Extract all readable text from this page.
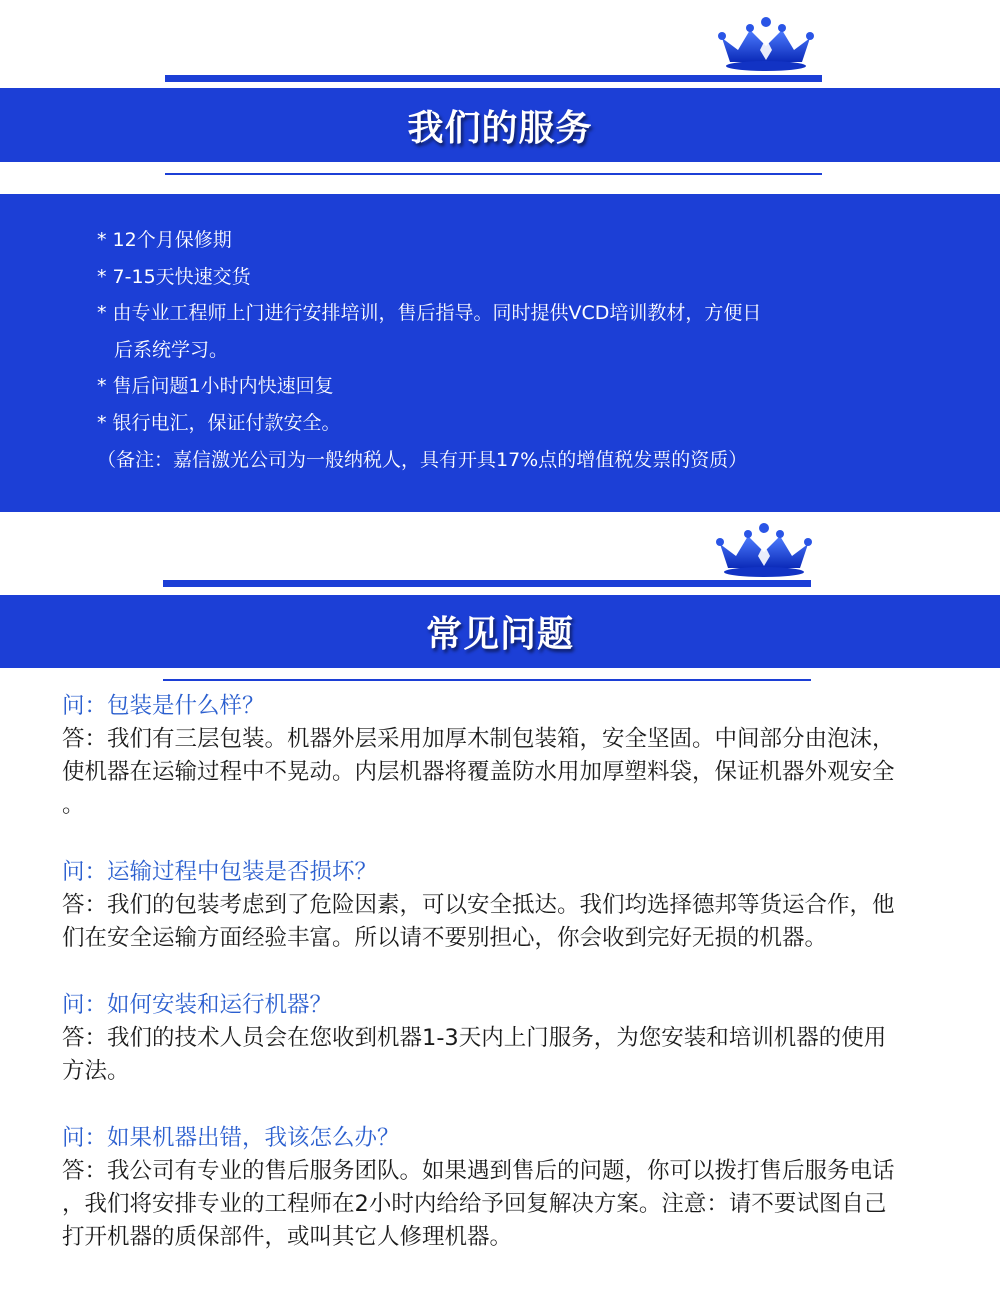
我们的服务
* 12个月保修期
* 7-15天快速交货
* 由专业工程师上门进行安排培训，售后指导。同时提供VCD培训教材，方便日
后系统学习。
* 售后问题1小时内快速回复
* 银行电汇，保证付款安全。
（备注：嘉信激光公司为一般纳税人，具有开具17%点的增值税发票的资质）
常见问题
问：包装是什么样？
答：我们有三层包装。机器外层采用加厚木制包装箱，安全坚固。中间部分由泡沫，
使机器在运输过程中不晃动。内层机器将覆盖防水用加厚塑料袋，保证机器外观安全
。
问：运输过程中包装是否损坏？
答：我们的包装考虑到了危险因素，可以安全抵达。我们均选择德邦等货运合作，他
们在安全运输方面经验丰富。所以请不要别担心，你会收到完好无损的机器。
问：如何安装和运行机器？
答：我们的技术人员会在您收到机器1-3天内上门服务，为您安装和培训机器的使用
方法。
问：如果机器出错，我该怎么办？
答：我公司有专业的售后服务团队。如果遇到售后的问题，你可以拨打售后服务电话
，我们将安排专业的工程师在2小时内给给予回复解决方案。注意：请不要试图自己
打开机器的质保部件，或叫其它人修理机器。
